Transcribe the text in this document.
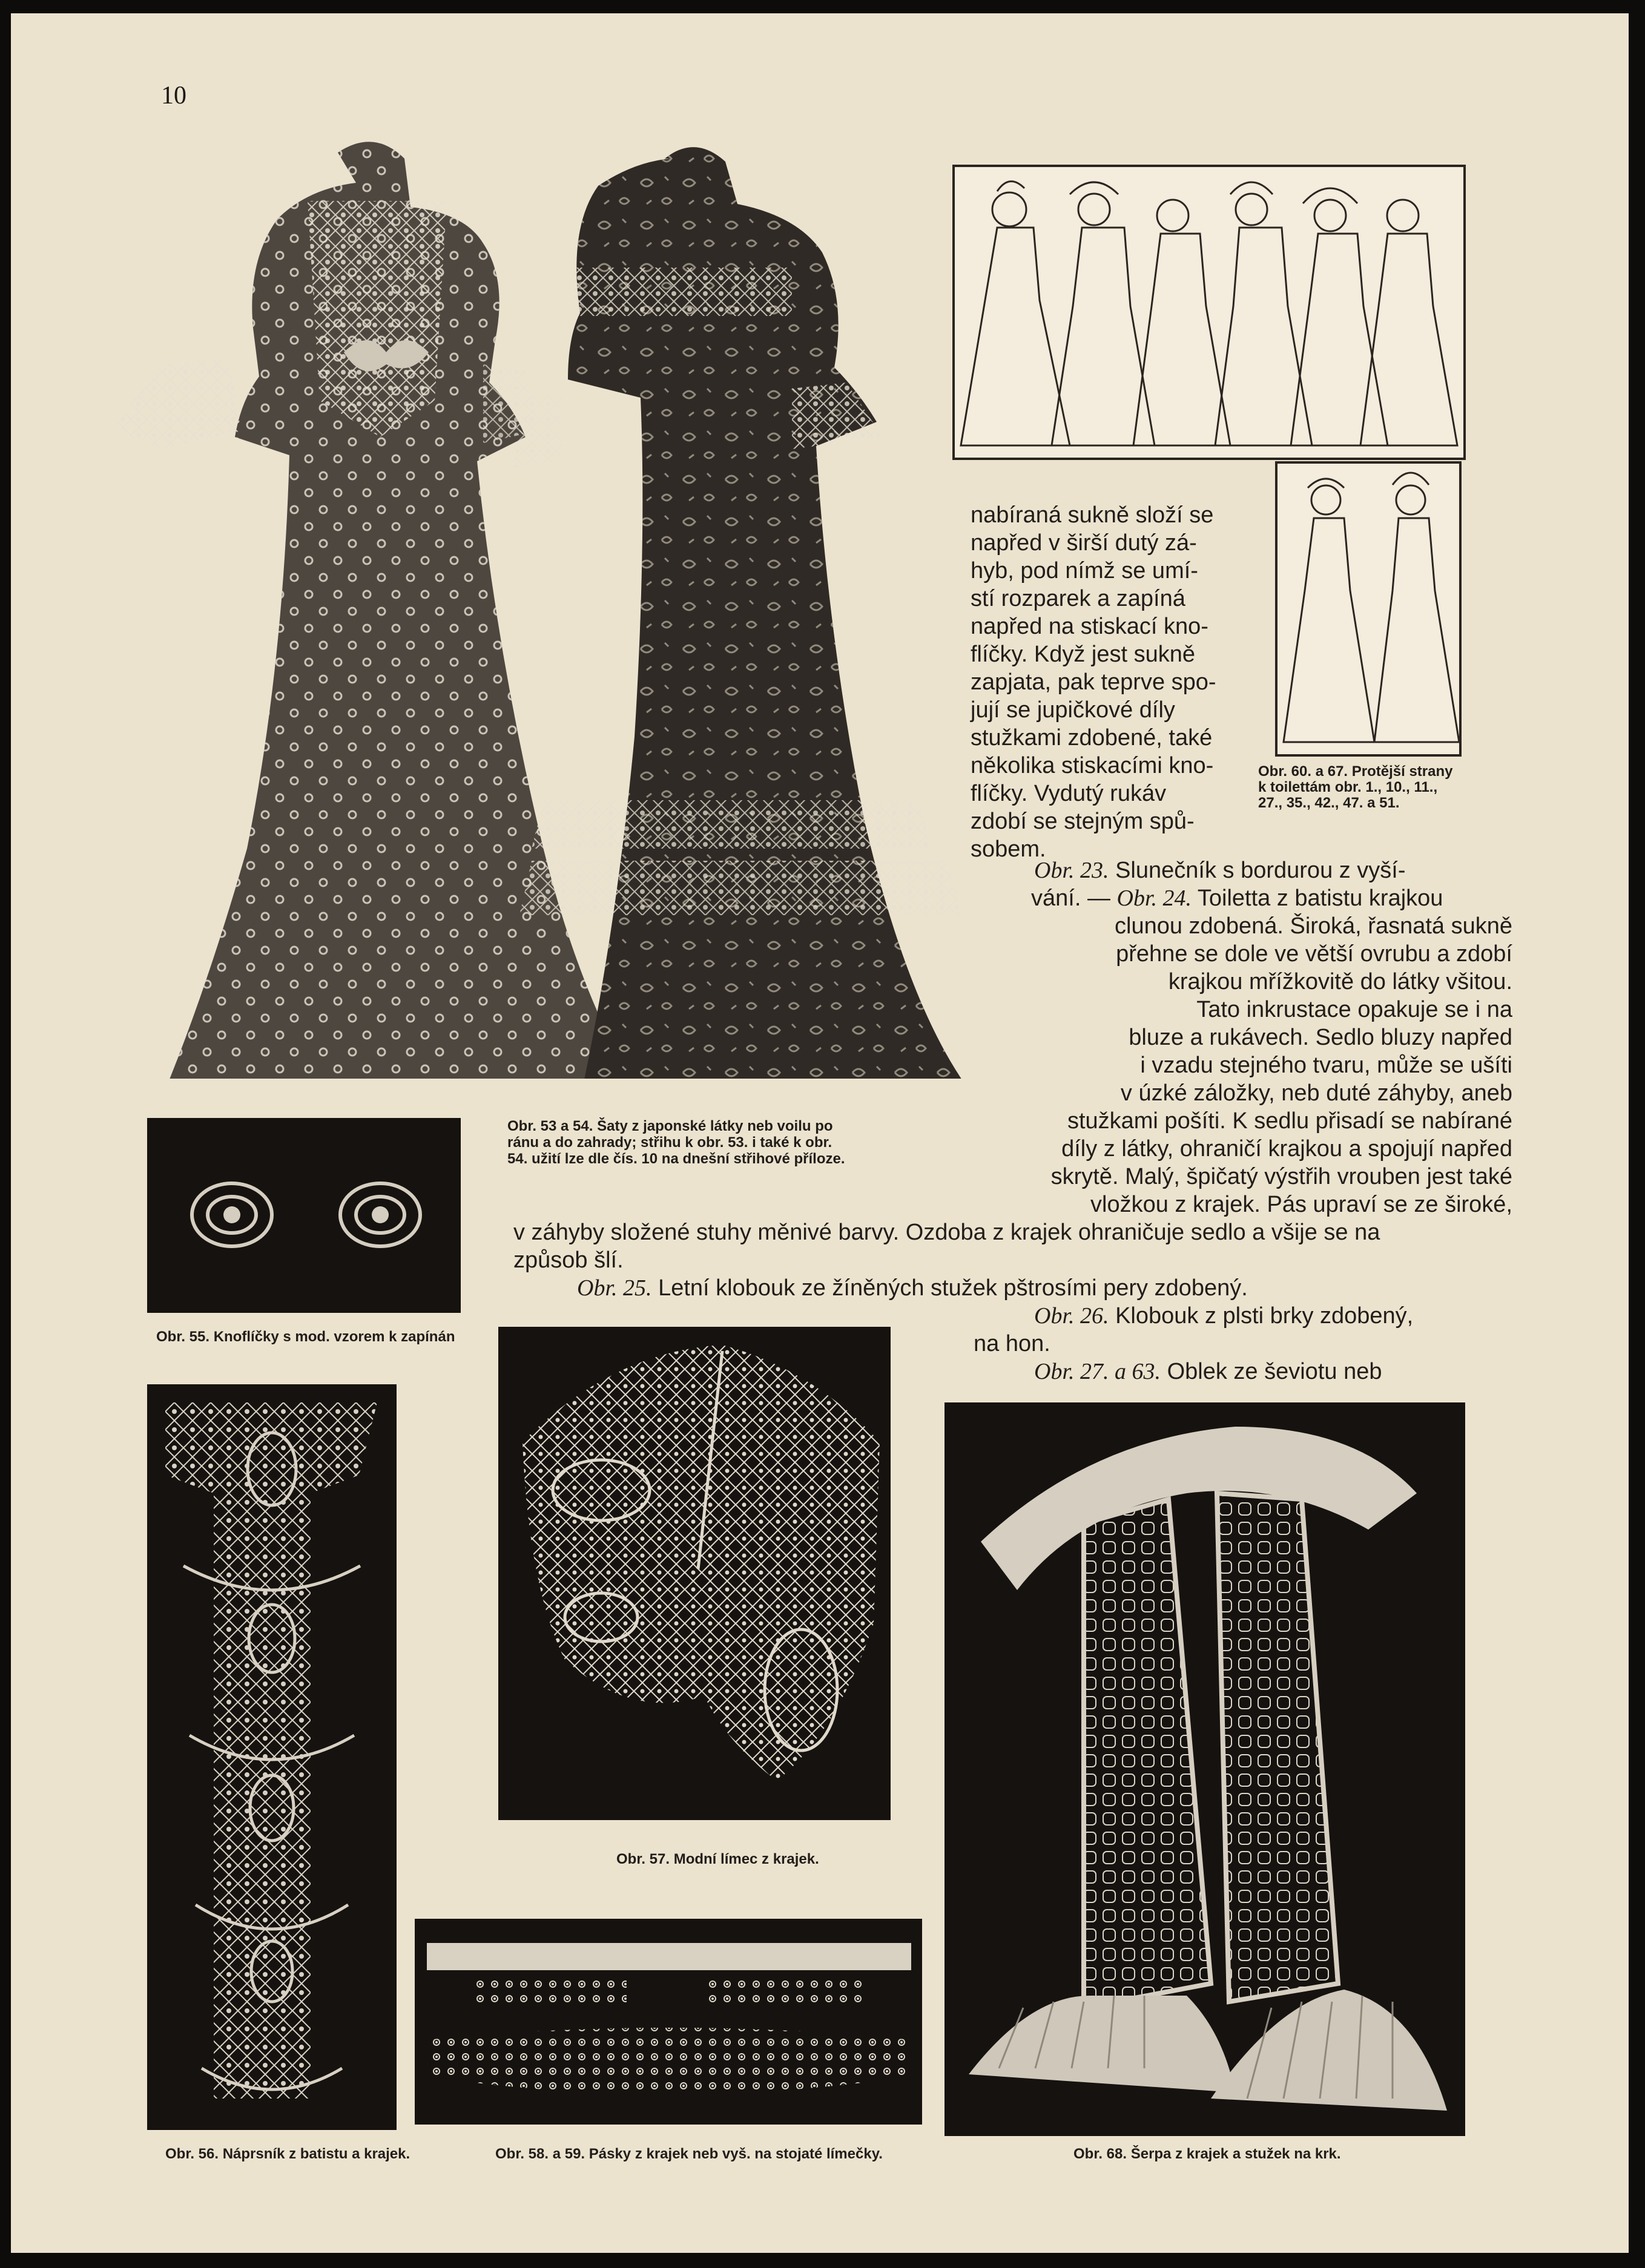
10
Obr. 60. a 67. Protější strany
k toilettám obr. 1., 10., 11.,
27., 35., 42., 47. a 51.
nabíraná sukně složí se
napřed v širší dutý zá-
hyb, pod nímž se umí-
stí rozparek a zapíná
napřed na stiskací kno-
flíčky. Když jest sukně
zapjata, pak teprve spo-
jují se jupičkové díly
stužkami zdobené, také
několika stiskacími kno-
flíčky. Vydutý rukáv
zdobí se stejným spů-
sobem.
Obr. 23. Slunečník s bordurou z vyší-
vání. — Obr. 24. Toiletta z batistu krajkou
clunou zdobená. Široká, řasnatá sukně
přehne se dole ve větší ovrubu a zdobí
krajkou mřížkovitě do látky všitou.
Tato inkrustace opakuje se i na
bluze a rukávech. Sedlo bluzy napřed
i vzadu stejného tvaru, může se ušíti
v úzké záložky, neb duté záhyby, aneb
stužkami pošíti. K sedlu přisadí se nabírané
díly z látky, ohraničí krajkou a spojují napřed
skrytě. Malý, špičatý výstřih vrouben jest také
vložkou z krajek. Pás upraví se ze široké,
v záhyby složené stuhy měnivé barvy. Ozdoba z krajek ohraničuje sedlo a všije se na
způsob šlí.
Obr. 25. Letní klobouk ze žíněných stužek pštrosími pery zdobený.
Obr. 26. Klobouk z plsti brky zdobený,
na hon.
Obr. 27. a 63. Oblek ze ševiotu neb
Obr. 53 a 54. Šaty z japonské látky neb voilu po
ránu a do zahrady; střihu k obr. 53. i také k obr.
54. užití lze dle čís. 10 na dnešní střihové příloze.
Obr. 55. Knoflíčky s mod. vzorem k zapínán
Obr. 56. Náprsník z batistu a krajek.
Obr. 57. Modní límec z krajek.
Obr. 58. a 59. Pásky z krajek neb vyš. na stojaté límečky.	Obr. 68. Šerpa z krajek a stužek na krk.
